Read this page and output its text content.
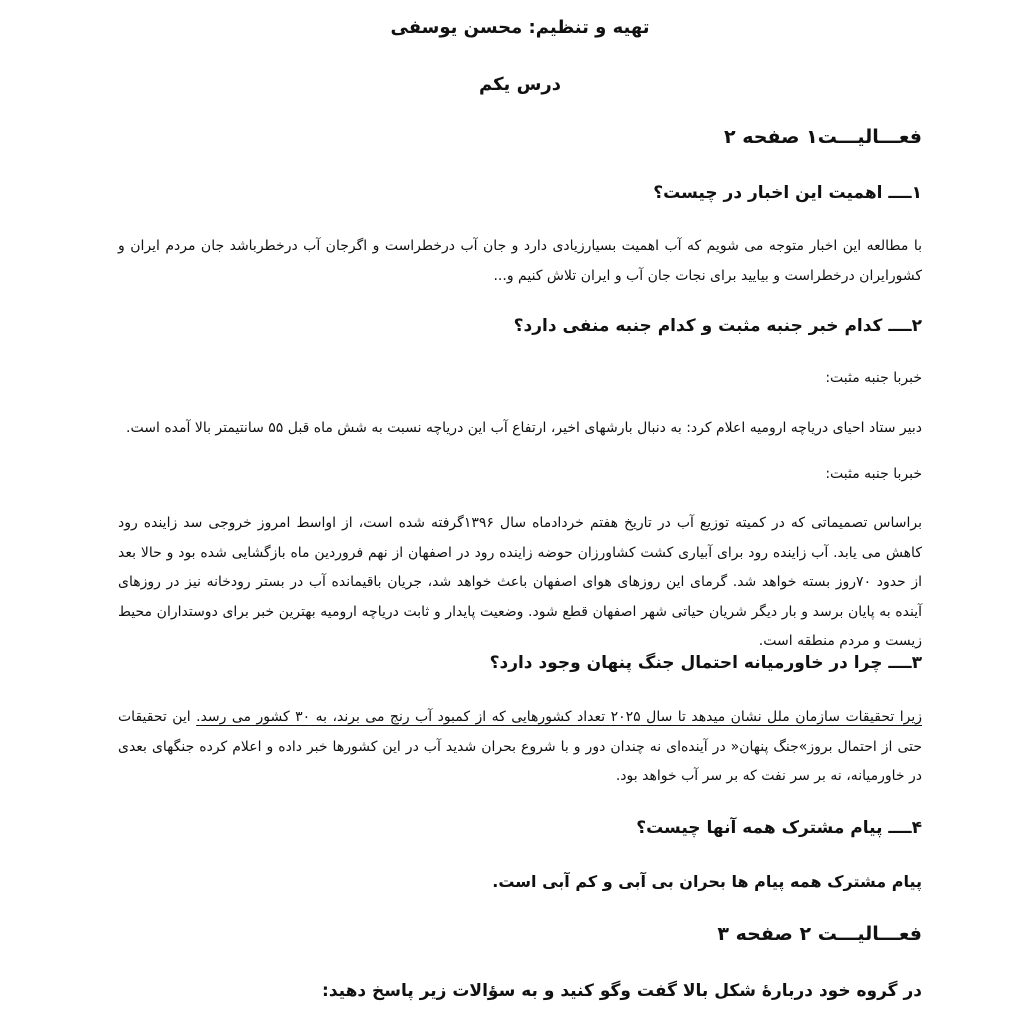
تهیه و تنظیم: محسن یوسفی
درس یکم
فعـــالیـــت۱ صفحه ۲
۱ــــ اهمیت این اخبار در چیست؟
با مطالعه این اخبار متوجه می شویم که آب اهمیت بسیارزیادی دارد و جان آب درخطراست و اگرجان آب درخطرباشد جان مردم ایران و کشورایران درخطراست و بیایید برای نجات جان آب و ایران تلاش کنیم و...
۲ــــ کدام خبر جنبه مثبت و کدام جنبه منفی دارد؟
خبربا جنبه مثبت:
دبیر ستاد احیای دریاچه ارومیه اعلام کرد: به دنبال بارشهای اخیر، ارتفاع آب این دریاچه نسبت به شش ماه قبل ۵۵ سانتیمتر بالا آمده است.
خبربا جنبه مثبت:
براساس تصمیماتی که در کمیته توزیع آب در تاریخ هفتم خردادماه سال ۱۳۹۶گرفته شده است، از اواسط امروز خروجی سد زاینده رود کاهش می یابد. آب زاینده رود برای آبیاری کشت کشاورزان حوضه زاینده رود در اصفهان از نهم فروردین ماه بازگشایی شده بود و حالا بعد از حدود ۷۰روز بسته خواهد شد. گرمای این روزهای هوای اصفهان باعث خواهد شد، جریان باقیمانده آب در بستر رودخانه نیز در روزهای آینده به پایان برسد و بار دیگر شریان حیاتی شهر اصفهان قطع شود. وضعیت پایدار و ثابت دریاچه ارومیه بهترین خبر برای دوستداران محیط زیست و مردم منطقه است.
۳ــــ چرا در خاورمیانه احتمال جنگ پنهان وجود دارد؟
زیرا تحقیقات سازمان ملل نشان میدهد تا سال ۲۰۲۵ تعداد کشورهایی که از کمبود آب رنج می برند، به ۳۰ کشور می رسد. این تحقیقات حتی از احتمال بروز»جنگ پنهان« در آینده‌ای نه چندان دور و با شروع بحران شدید آب در این کشورها خبر داده و اعلام کرده جنگهای بعدی در خاورمیانه، نه بر سر نفت که بر سر آب خواهد بود.
۴ــــ پیام مشترک همه آنها چیست؟
پیام مشترک همه پیام ها بحران بی آبی و کم آبی است.
فعـــالیـــت ۲ صفحه ۳
در گروه خود دربارۀ شکل بالا گفت وگو کنید و به سؤالات زیر پاسخ دهید:
